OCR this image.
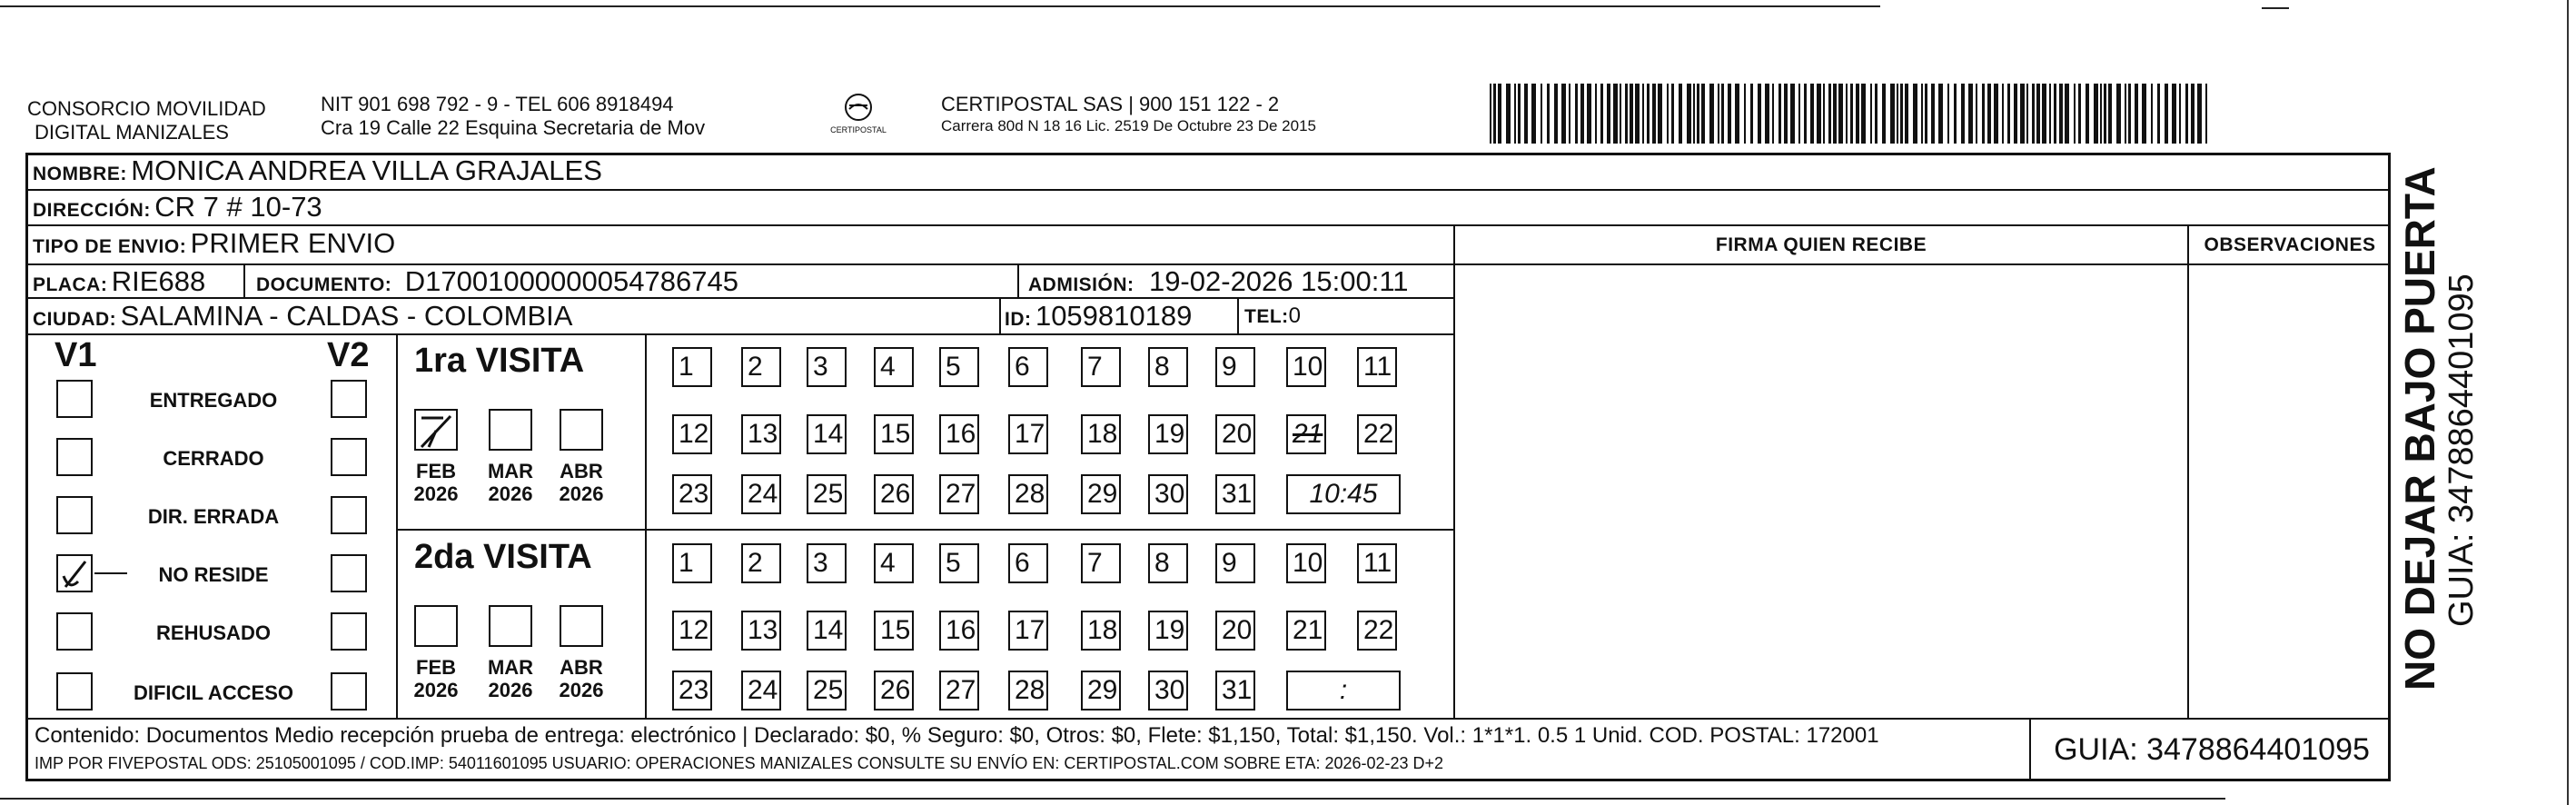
CONSORCIO MOVILIDAD
DIGITAL MANIZALES
NIT 901 698 792 - 9 - TEL 606 8918494
Cra 19 Calle 22 Esquina Secretaria de Mov	CERTIPOSTAL
CERTIPOSTAL SAS | 900 151 122 - 2
Carrera 80d N 18 16 Lic. 2519 De Octubre 23 De 2015
NOMBRE: MONICA ANDREA VILLA GRAJALES
DIRECCIÓN: CR 7 # 10-73
TIPO DE ENVIO: PRIMER ENVIO
PLACA: RIE688	DOCUMENTO: D17001000000054786745	ADMISIÓN: 19-02-2026 15:00:11
CIUDAD: SALAMINA - CALDAS - COLOMBIA	ID: 1059810189	TEL:0
FIRMA QUIEN RECIBE	OBSERVACIONES
V1	V2
ENTREGADO
CERRADO
DIR. ERRADA
NO RESIDE
REHUSADO
DIFICIL ACCESO
1ra VISITA
FEB
2026
MAR
2026
ABR
2026
1	2	3	4	5	6	7	8	9	10 11
12 13 14 15 16 17 18 19 20 21 22
23 24 25 26 27 28 29 30 31	10:45
2da VISITA
FEB
2026
MAR
2026
ABR
2026
1	2	3	4	5	6	7	8	9	10 11
12 13 14 15 16 17 18 19 20 21 22
23 24 25 26 27 28 29 30 31	:
Contenido: Documentos Medio recepción prueba de entrega: electrónico | Declarado: $0, % Seguro: $0, Otros: $0, Flete: $1,150, Total: $1,150. Vol.: 1*1*1. 0.5 1 Unid. COD. POSTAL: 172001
IMP POR FIVEPOSTAL ODS: 25105001095 / COD.IMP: 54011601095 USUARIO: OPERACIONES MANIZALES CONSULTE SU ENVÍO EN: CERTIPOSTAL.COM SOBRE ETA: 2026-02-23 D+2	GUIA: 3478864401095
NO DEJAR BAJO PUERTA GUIA: 3478864401095
